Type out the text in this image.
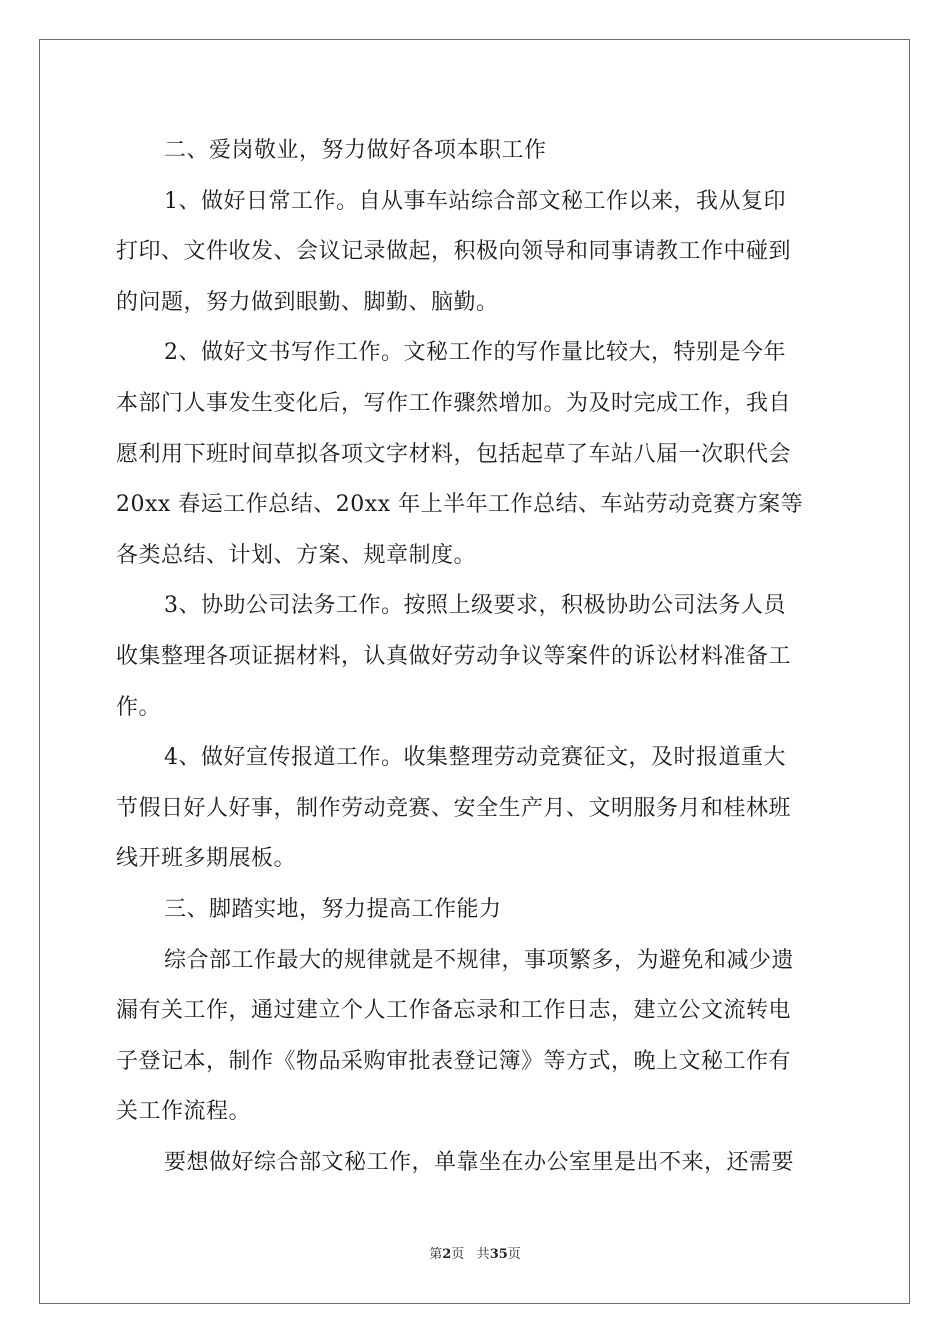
二、爱岗敬业，努力做好各项本职工作
1、做好日常工作。自从事车站综合部文秘工作以来，我从复印
打印、文件收发、会议记录做起，积极向领导和同事请教工作中碰到
的问题，努力做到眼勤、脚勤、脑勤。
2、做好文书写作工作。文秘工作的写作量比较大，特别是今年
本部门人事发生变化后，写作工作骤然增加。为及时完成工作，我自
愿利用下班时间草拟各项文字材料，包括起草了车站八届一次职代会
20xx 春运工作总结、20xx 年上半年工作总结、车站劳动竞赛方案等
各类总结、计划、方案、规章制度。
3、协助公司法务工作。按照上级要求，积极协助公司法务人员
收集整理各项证据材料，认真做好劳动争议等案件的诉讼材料准备工
作。
4、做好宣传报道工作。收集整理劳动竞赛征文，及时报道重大
节假日好人好事，制作劳动竞赛、安全生产月、文明服务月和桂林班
线开班多期展板。
三、脚踏实地，努力提高工作能力
综合部工作最大的规律就是不规律，事项繁多，为避免和减少遗
漏有关工作，通过建立个人工作备忘录和工作日志，建立公文流转电
子登记本，制作《物品采购审批表登记簿》等方式，晚上文秘工作有
关工作流程。
要想做好综合部文秘工作，单靠坐在办公室里是出不来，还需要
第2页 共35页
